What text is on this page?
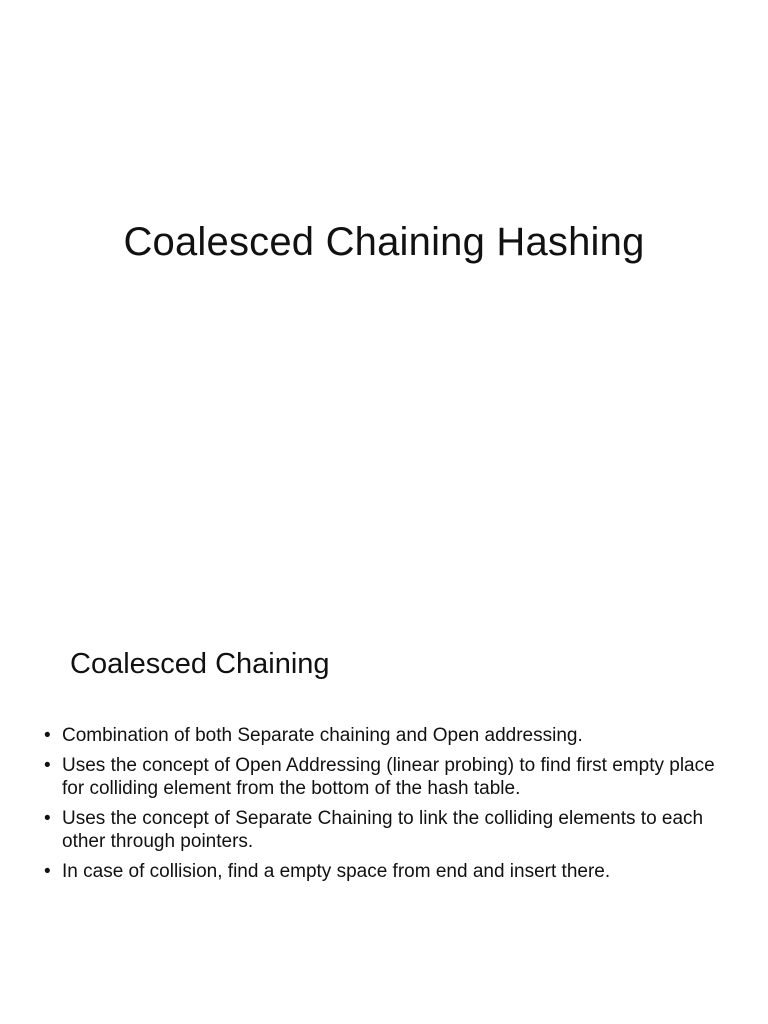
Coalesced Chaining Hashing
Coalesced Chaining
• Combination of both Separate chaining and Open addressing.
• Uses the concept of Open Addressing (linear probing) to find first empty place for colliding element from the bottom of the hash table.
• Uses the concept of Separate Chaining to link the colliding elements to each other through pointers.
• In case of collision, find a empty space from end and insert there.
